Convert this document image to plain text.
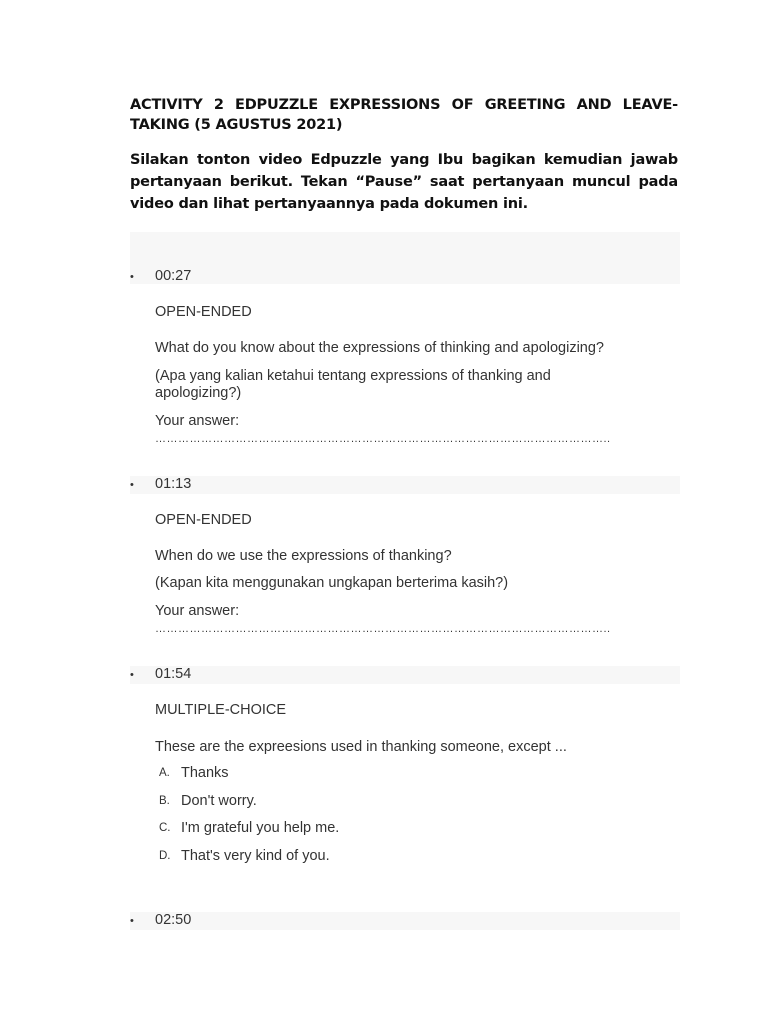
ACTIVITY 2 EDPUZZLE EXPRESSIONS OF GREETING AND LEAVE-TAKING (5 AGUSTUS 2021)
Silakan tonton video Edpuzzle yang Ibu bagikan kemudian jawab pertanyaan berikut. Tekan “Pause” saat pertanyaan muncul pada video dan lihat pertanyaannya pada dokumen ini.
• 00:27
OPEN-ENDED
What do you know about the expressions of thinking and apologizing?
(Apa yang kalian ketahui tentang expressions of thanking and apologizing?)
Your answer: ………………………………………………………………………………………………………..
• 01:13
OPEN-ENDED
When do we use the expressions of thanking?
(Kapan kita menggunakan ungkapan berterima kasih?)
Your answer: ………………………………………………………………………………………………………..
• 01:54
MULTIPLE-CHOICE
These are the expreesions used in thanking someone, except ...
A. Thanks
B. Don't worry.
C. I'm grateful you help me.
D. That's very kind of you.
• 02:50
